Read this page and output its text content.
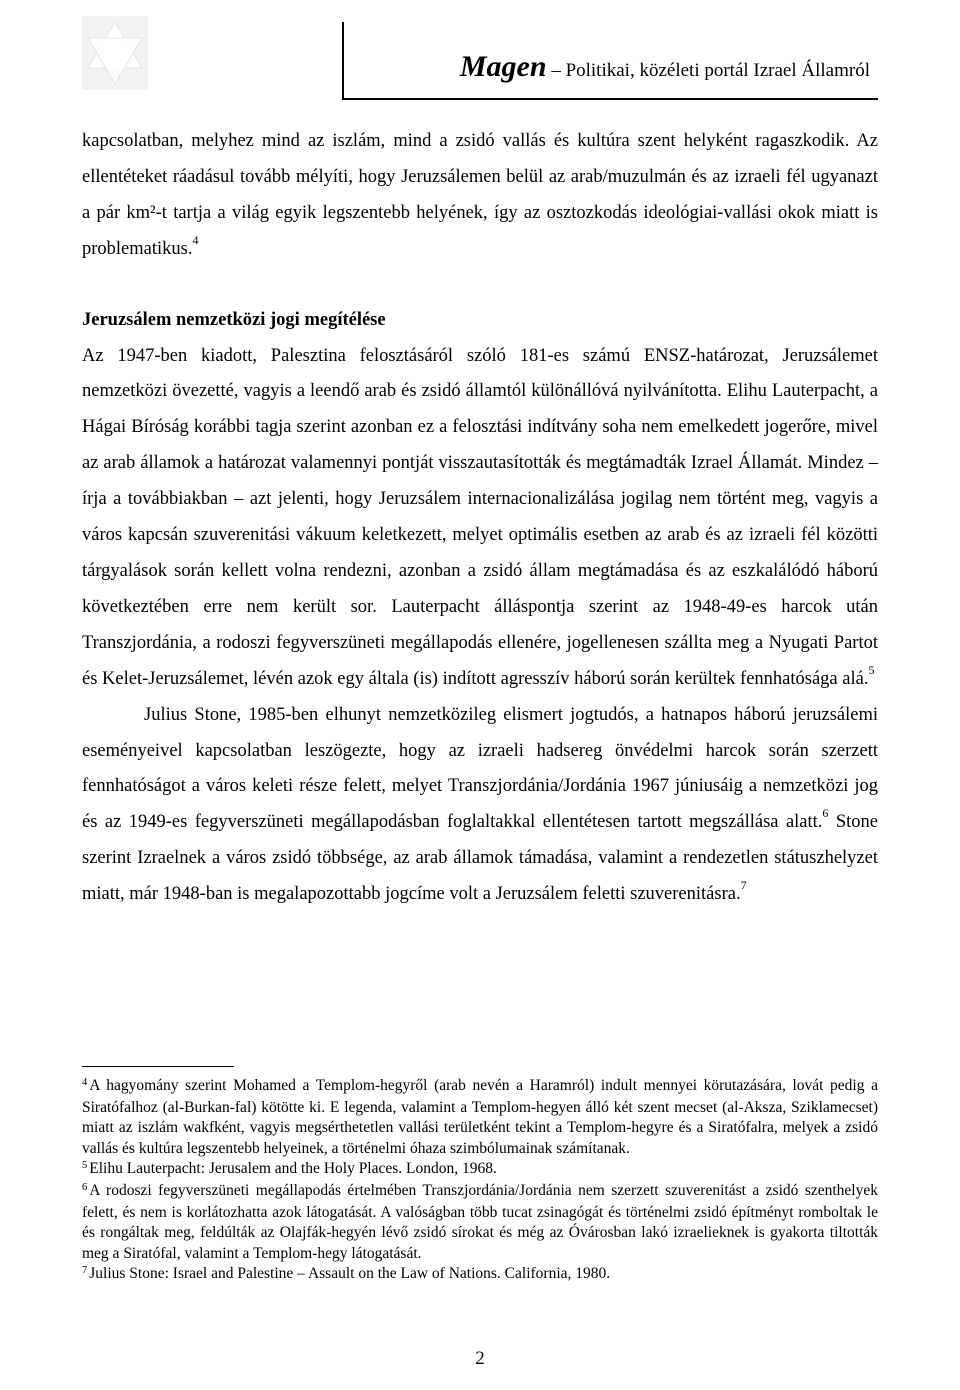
Magen – Politikai, közéleti portál Izrael Államról

kapcsolatban, melyhez mind az iszlám, mind a zsidó vallás és kultúra szent helyként ragaszkodik. Az ellentéteket ráadásul tovább mélyíti, hogy Jeruzsálemen belül az arab/muzulmán és az izraeli fél ugyanazt a pár km²-t tartja a világ egyik legszentebb helyének, így az osztozkodás ideológiai-vallási okok miatt is problematikus.$^4$

Jeruzsálem nemzetközi jogi megítélése

Az 1947-ben kiadott, Palesztina felosztásáról szóló 181-es számú ENSZ-határozat, Jeruzsálemet nemzetközi övezetté, vagyis a leendő arab és zsidó államtól különállóvá nyilvánította. Elihu Lauterpacht, a Hágai Bíróság korábbi tagja szerint azonban ez a felosztási indítvány soha nem emelkedett jogerőre, mivel az arab államok a határozat valamennyi pontját visszautasították és megtámadták Izrael Államát. Mindez – írja a továbbiakban – azt jelenti, hogy Jeruzsálem internacionalizálása jogilag nem történt meg, vagyis a város kapcsán szuverenitási vákuum keletkezett, melyet optimális esetben az arab és az izraeli fél közötti tárgyalások során kellett volna rendezni, azonban a zsidó állam megtámadása és az eszkalálódó háború következtében erre nem került sor. Lauterpacht álláspontja szerint az 1948-49-es harcok után Transzjordánia, a rodoszi fegyverszüneti megállapodás ellenére, jogellenesen szállta meg a Nyugati Partot és Kelet-Jeruzsálemet, lévén azok egy általa (is) indított agresszív háború során kerültek fennhatósága alá.$^5$

Julius Stone, 1985-ben elhunyt nemzetközileg elismert jogtudós, a hatnapos háború jeruzsálemi eseményeivel kapcsolatban leszögezte, hogy az izraeli hadsereg önvédelmi harcok során szerzett fennhatóságot a város keleti része felett, melyet Transzjordánia/Jordánia 1967 júniusáig a nemzetközi jog és az 1949-es fegyverszüneti megállapodásban foglaltakkal ellentétesen tartott megszállása alatt.$^6$ Stone szerint Izraelnek a város zsidó többsége, az arab államok támadása, valamint a rendezetlen státuszhelyzet miatt, már 1948-ban is megalapozottabb jogcíme volt a Jeruzsálem feletti szuverenitásra.$^7$

$^4$ A hagyomány szerint Mohamed a Templom-hegyről (arab nevén a Haramról) indult mennyei körutazására, lovát pedig a Siratófalhoz (al-Burkan-fal) kötötte ki. E legenda, valamint a Templom-hegyen álló két szent mecset (al-Aksza, Sziklamecset) miatt az iszlám wakfként, vagyis megsérthetetlen vallási területként tekint a Templom-hegyre és a Siratófalra, melyek a zsidó vallás és kultúra legszentebb helyeinek, a történelmi óhaza szimbólumainak számítanak.

$^5$ Elihu Lauterpacht: Jerusalem and the Holy Places. London, 1968.

$^6$ A rodoszi fegyverszüneti megállapodás értelmében Transzjordánia/Jordánia nem szerzett szuverenitást a zsidó szenthelyek felett, és nem is korlátozhatta azok látogatását. A valóságban több tucat zsinagógát és történelmi zsidó építményt romboltak le és rongáltak meg, feldúlták az Olajfák-hegyén lévő zsidó sírokat és még az Óvárosban lakó izraelieknek is gyakorta tiltották meg a Siratófal, valamint a Templom-hegy látogatását.

$^7$ Julius Stone: Israel and Palestine – Assault on the Law of Nations. California, 1980.

2
